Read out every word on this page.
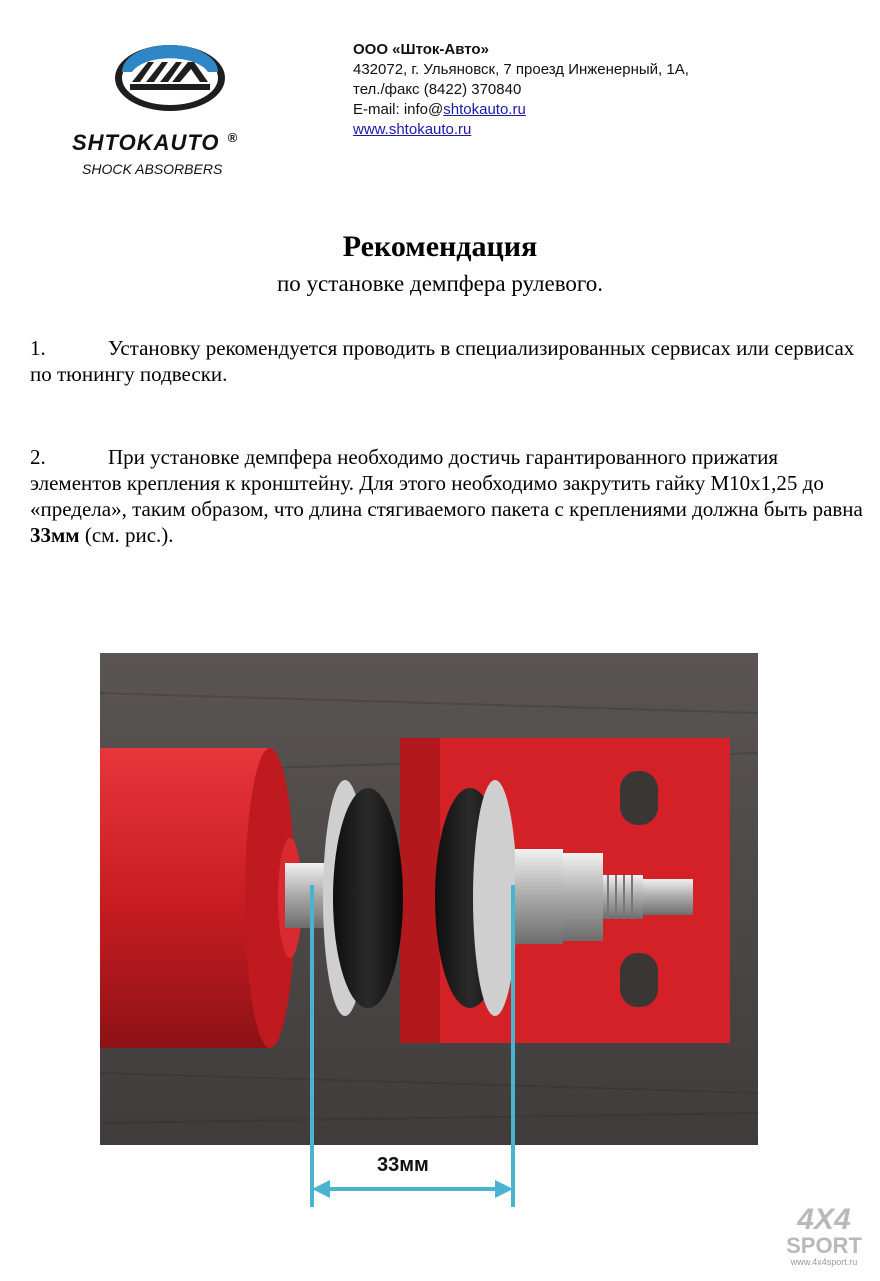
SHTOKAUTO ®
SHOCK ABSORBERS
ООО «Шток-Авто»
432072, г. Ульяновск, 7 проезд Инженерный, 1А,
тел./факс (8422) 370840
E-mail: info@shtokauto.ru
www.shtokauto.ru
Рекомендация
по установке демпфера рулевого.
1.	Установку рекомендуется проводить в специализированных сервисах или сервисах по тюнингу подвески.
2.	При установке демпфера необходимо достичь гарантированного прижатия элементов крепления к кронштейну. Для этого необходимо закрутить гайку М10х1,25 до «предела», таким образом, что длина стягиваемого пакета с креплениями должна быть равна 33мм (см. рис.).
33мм
4X4
SPORT
www.4x4sport.ru
